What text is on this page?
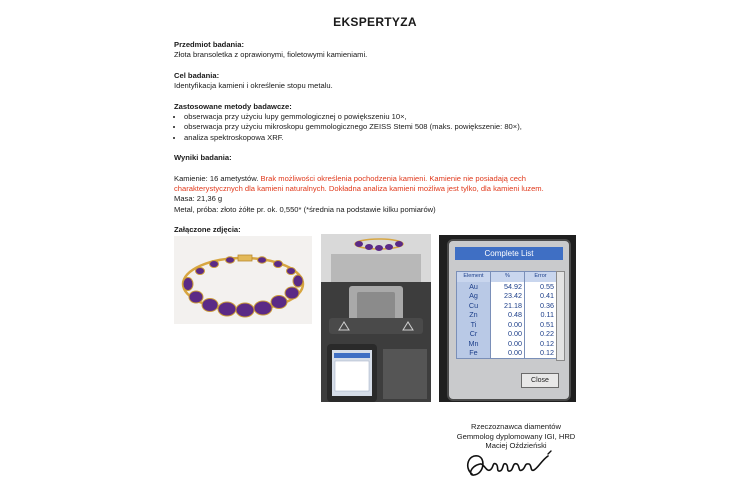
EKSPERTYZA
Przedmiot badania:
Złota bransoletka z oprawionymi, fioletowymi kamieniami.
Cel badania:
Identyfikacja kamieni i określenie stopu metalu.
Zastosowane metody badawcze:
• obserwacja przy użyciu lupy gemmologicznej o powiększeniu 10×,
• obserwacja przy użyciu mikroskopu gemmologicznego ZEISS Stemi 508 (maks. powiększenie: 80×),
• analiza spektroskopowa XRF.
Wyniki badania:
Kamienie: 16 ametystów. Brak możliwości określenia pochodzenia kamieni. Kamienie nie posiadają cech charakterystycznych dla kamieni naturalnych. Dokładna analiza kamieni możliwa jest tylko, dla kamieni luzem.
Masa: 21,36 g
Metal, próba: złoto żółte pr. ok. 0,550* (*średnia na podstawie kilku pomiarów)
Załączone zdjęcia:
Complete List
Element	%	Error
Au	54.92	0.55
Ag	23.42	0.41
Cu	21.18	0.36
Zn	0.48	0.11
Ti	0.00	0.51
Cr	0.00	0.22
Mn	0.00	0.12
Fe	0.00	0.12
Close
Rzeczoznawca diamentów
Gemmolog dyplomowany IGI, HRD
Maciej Oździeński
